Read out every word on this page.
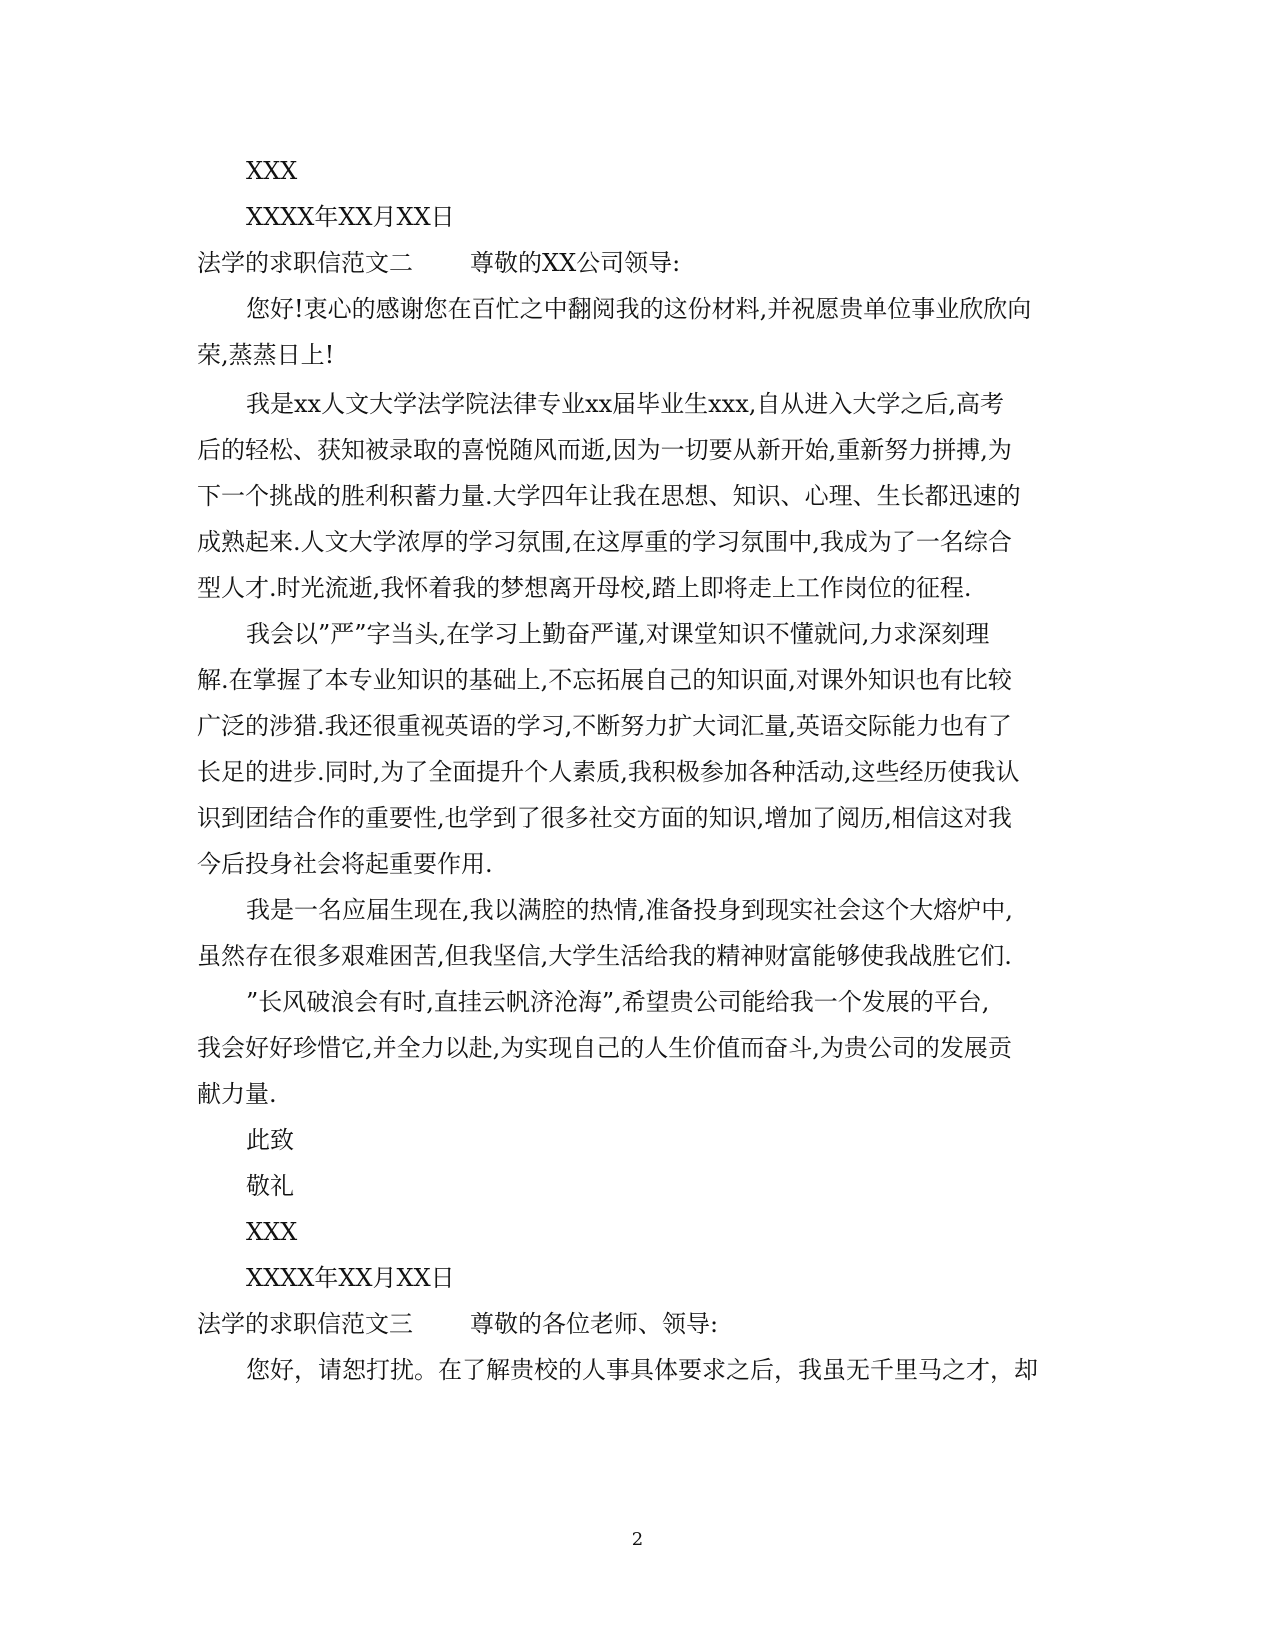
XXX
XXXX年XX月XX日
法学的求职信范文二 尊敬的XX公司领导:
您好!衷心的感谢您在百忙之中翻阅我的这份材料,并祝愿贵单位事业欣欣向
荣,蒸蒸日上!
我是xx人文大学法学院法律专业xx届毕业生xxx,自从进入大学之后,高考
后的轻松、获知被录取的喜悦随风而逝,因为一切要从新开始,重新努力拼搏,为
下一个挑战的胜利积蓄力量.大学四年让我在思想、知识、心理、生长都迅速的
成熟起来.人文大学浓厚的学习氛围,在这厚重的学习氛围中,我成为了一名综合
型人才.时光流逝,我怀着我的梦想离开母校,踏上即将走上工作岗位的征程.
我会以”严”字当头,在学习上勤奋严谨,对课堂知识不懂就问,力求深刻理
解.在掌握了本专业知识的基础上,不忘拓展自己的知识面,对课外知识也有比较
广泛的涉猎.我还很重视英语的学习,不断努力扩大词汇量,英语交际能力也有了
长足的进步.同时,为了全面提升个人素质,我积极参加各种活动,这些经历使我认
识到团结合作的重要性,也学到了很多社交方面的知识,增加了阅历,相信这对我
今后投身社会将起重要作用.
我是一名应届生现在,我以满腔的热情,准备投身到现实社会这个大熔炉中,
虽然存在很多艰难困苦,但我坚信,大学生活给我的精神财富能够使我战胜它们.
”长风破浪会有时,直挂云帆济沧海”,希望贵公司能给我一个发展的平台,
我会好好珍惜它,并全力以赴,为实现自己的人生价值而奋斗,为贵公司的发展贡
献力量.
此致
敬礼
XXX
XXXX年XX月XX日
法学的求职信范文三 尊敬的各位老师、领导:
您好，请恕打扰。在了解贵校的人事具体要求之后，我虽无千里马之才，却
2
